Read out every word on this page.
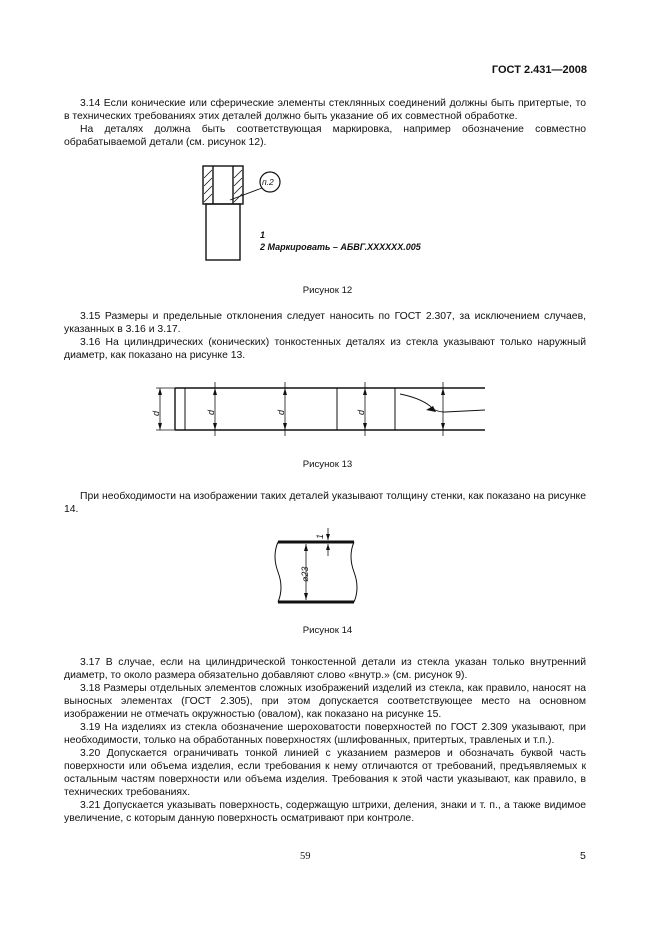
ГОСТ 2.431—2008

3.14 Если конические или сферические элементы стеклянных соединений должны быть притертые, то в технических требованиях этих деталей должно быть указание об их совместной обработке.

На деталях должна быть соответствующая маркировка, например обозначение совместно обрабатываемой детали (см. рисунок 12).

п.2
1
2 Маркировать – АБВГ.XXXXXX.005
Рисунок 12

3.15 Размеры и предельные отклонения следует наносить по ГОСТ 2.307, за исключением случаев, указанных в 3.16 и 3.17.

3.16 На цилиндрических (конических) тонкостенных деталях из стекла указывают только наружный диаметр, как показано на рисунке 13.

d	d	d	d
Рисунок 13

При необходимости на изображении таких деталей указывают толщину стенки, как показано на рисунке 14.

⌀23
1
Рисунок 14

3.17 В случае, если на цилиндрической тонкостенной детали из стекла указан только внутренний диаметр, то около размера обязательно добавляют слово «внутр.» (см. рисунок 9).

3.18 Размеры отдельных элементов сложных изображений изделий из стекла, как правило, наносят на выносных элементах (ГОСТ 2.305), при этом допускается соответствующее место на основном изображении не отмечать окружностью (овалом), как показано на рисунке 15.

3.19 На изделиях из стекла обозначение шероховатости поверхностей по ГОСТ 2.309 указывают, при необходимости, только на обработанных поверхностях (шлифованных, притертых, травленых и т.п.).

3.20 Допускается ограничивать тонкой линией с указанием размеров и обозначать буквой часть поверхности или объема изделия, если требования к нему отличаются от требований, предъявляемых к остальным частям поверхности или объема изделия. Требования к этой части указывают, как правило, в технических требованиях.

3.21 Допускается указывать поверхность, содержащую штрихи, деления, знаки и т. п., а также видимое увеличение, с которым данную поверхность осматривают при контроле.

59	5
